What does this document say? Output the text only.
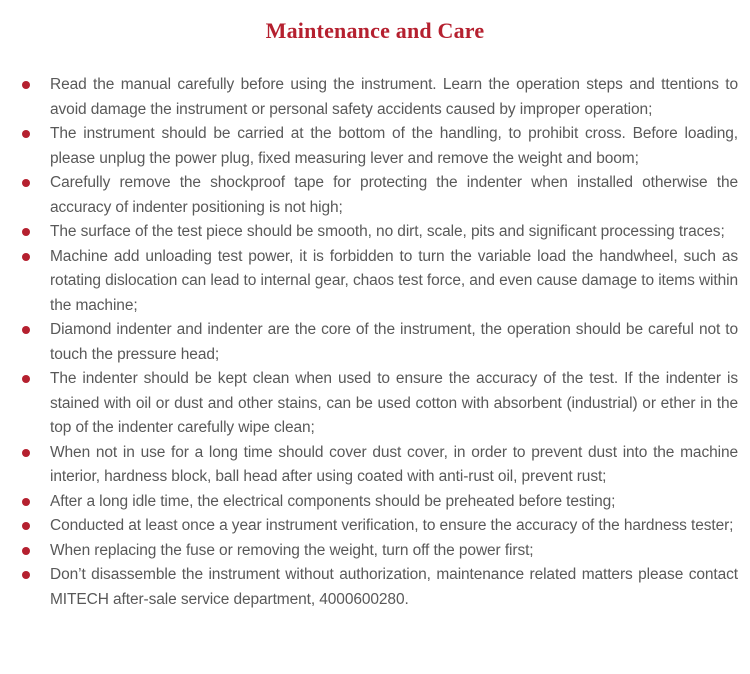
Maintenance and Care
Read the manual carefully before using the instrument. Learn the operation steps and ttentions to avoid damage the instrument or personal safety accidents caused by improper operation;
The instrument should be carried at the bottom of the handling, to prohibit cross. Before loading, please unplug the power plug, fixed measuring lever and remove the weight and boom;
Carefully remove the shockproof tape for protecting the indenter when installed otherwise the accuracy of indenter positioning is not high;
The surface of the test piece should be smooth, no dirt, scale, pits and significant processing traces;
Machine add unloading test power, it is forbidden to turn the variable load the handwheel, such as rotating dislocation can lead to internal gear, chaos test force, and even cause damage to items within the machine;
Diamond indenter and indenter are the core of the instrument, the operation should be careful not to touch the pressure head;
The indenter should be kept clean when used to ensure the accuracy of the test. If the indenter is stained with oil or dust and other stains, can be used cotton with absorbent (industrial) or ether in the top of the indenter carefully wipe clean;
When not in use for a long time should cover dust cover, in order to prevent dust into the machine interior, hardness block, ball head after using coated with anti-rust oil, prevent rust;
After a long idle time, the electrical components should be preheated before testing;
Conducted at least once a year instrument verification, to ensure the accuracy of the hardness tester;
When replacing the fuse or removing the weight, turn off the power first;
Don’t disassemble the instrument without authorization, maintenance related matters please contact MITECH after-sale service department, 4000600280.
